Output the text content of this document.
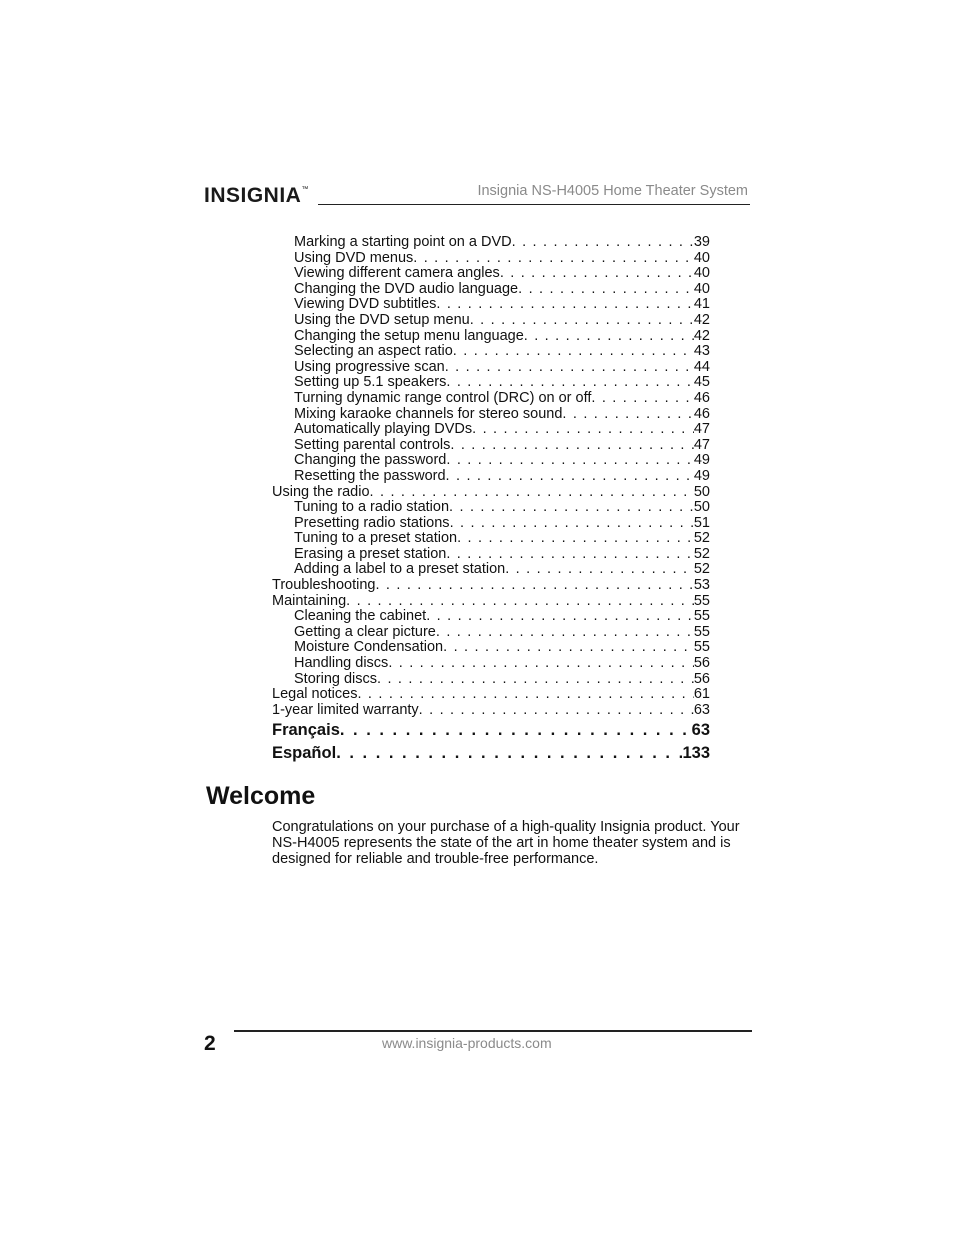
INSIGNIA™	Insignia NS-H4005 Home Theater System
Marking a starting point on a DVD . . .	39
Using DVD menus . . .	40
Viewing different camera angles . . .	40
Changing the DVD audio language . . .	40
Viewing DVD subtitles . . .	41
Using the DVD setup menu . . .	42
Changing the setup menu language . . .	42
Selecting an aspect ratio . . .	43
Using progressive scan . . .	44
Setting up 5.1 speakers . . .	45
Turning dynamic range control (DRC) on or off . . .	46
Mixing karaoke channels for stereo sound . . .	46
Automatically playing DVDs . . .	47
Setting parental controls . . .	47
Changing the password . . .	49
Resetting the password . . .	49
Using the radio . . .	50
Tuning to a radio station . . .	50
Presetting radio stations . . .	51
Tuning to a preset station . . .	52
Erasing a preset station . . .	52
Adding a label to a preset station . . .	52
Troubleshooting . . .	53
Maintaining . . .	55
Cleaning the cabinet . . .	55
Getting a clear picture . . .	55
Moisture Condensation . . .	55
Handling discs . . .	56
Storing discs . . .	56
Legal notices . . .	61
1-year limited warranty . . .	63
Français . . .	63
Español . . .	133
Welcome
Congratulations on your purchase of a high-quality Insignia product. Your NS-H4005 represents the state of the art in home theater system and is designed for reliable and trouble-free performance.
2	www.insignia-products.com
